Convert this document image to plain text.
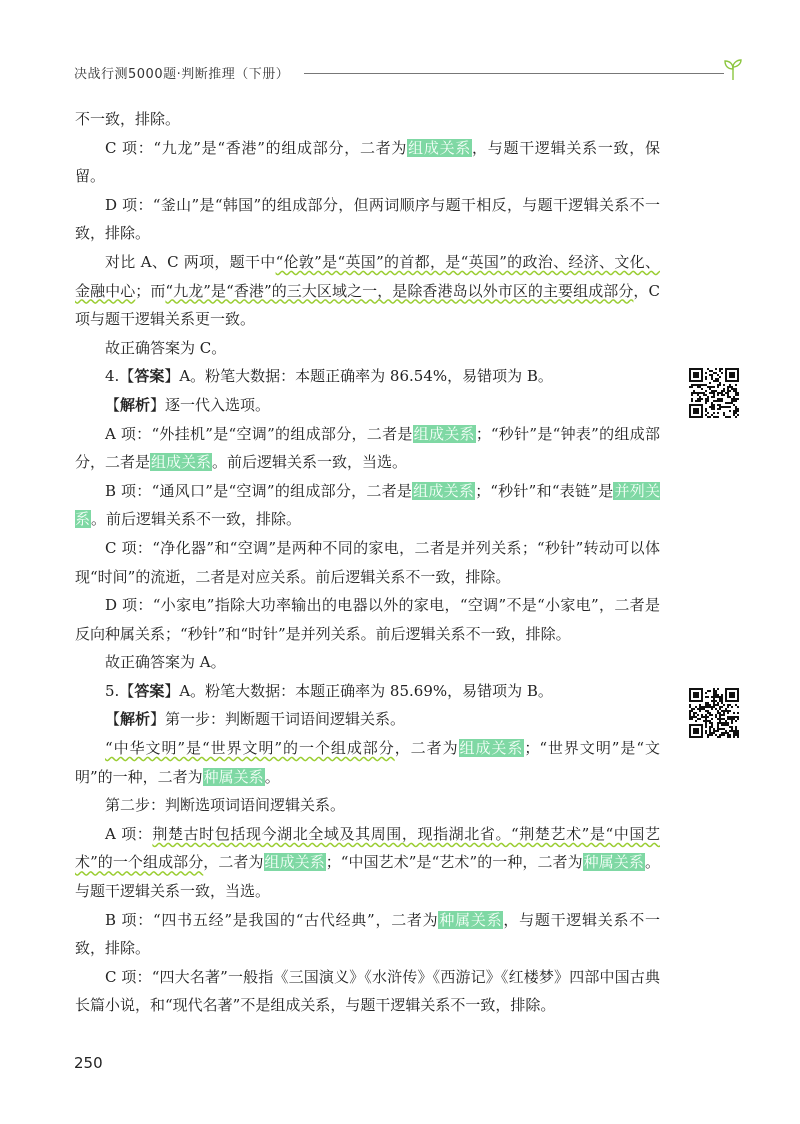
决战行测5000题·判断推理（下册）

不一致，排除。

C 项：“九龙”是“香港”的组成部分，二者为组成关系，与题干逻辑关系一致，保留。

D 项：“釜山”是“韩国”的组成部分，但两词顺序与题干相反，与题干逻辑关系不一致，排除。

对比 A、C 两项，题干中“伦敦”是“英国”的首都，是“英国”的政治、经济、文化、金融中心；而“九龙”是“香港”的三大区域之一，是除香港岛以外市区的主要组成部分，C 项与题干逻辑关系更一致。

故正确答案为 C。

4.【答案】A。粉笔大数据：本题正确率为 86.54%，易错项为 B。

【解析】逐一代入选项。

A 项：“外挂机”是“空调”的组成部分，二者是组成关系；“秒针”是“钟表”的组成部分，二者是组成关系。前后逻辑关系一致，当选。

B 项：“通风口”是“空调”的组成部分，二者是组成关系；“秒针”和“表链”是并列关系。前后逻辑关系不一致，排除。

C 项：“净化器”和“空调”是两种不同的家电，二者是并列关系；“秒针”转动可以体现“时间”的流逝，二者是对应关系。前后逻辑关系不一致，排除。

D 项：“小家电”指除大功率输出的电器以外的家电，“空调”不是“小家电”，二者是反向种属关系；“秒针”和“时针”是并列关系。前后逻辑关系不一致，排除。

故正确答案为 A。

5.【答案】A。粉笔大数据：本题正确率为 85.69%，易错项为 B。

【解析】第一步：判断题干词语间逻辑关系。

“中华文明”是“世界文明”的一个组成部分，二者为组成关系；“世界文明”是“文明”的一种，二者为种属关系。

第二步：判断选项词语间逻辑关系。

A 项：荆楚古时包括现今湖北全域及其周围，现指湖北省。“荆楚艺术”是“中国艺术”的一个组成部分，二者为组成关系；“中国艺术”是“艺术”的一种，二者为种属关系。与题干逻辑关系一致，当选。

B 项：“四书五经”是我国的“古代经典”，二者为种属关系，与题干逻辑关系不一致，排除。

C 项：“四大名著”一般指《三国演义》《水浒传》《西游记》《红楼梦》四部中国古典长篇小说，和“现代名著”不是组成关系，与题干逻辑关系不一致，排除。

250
